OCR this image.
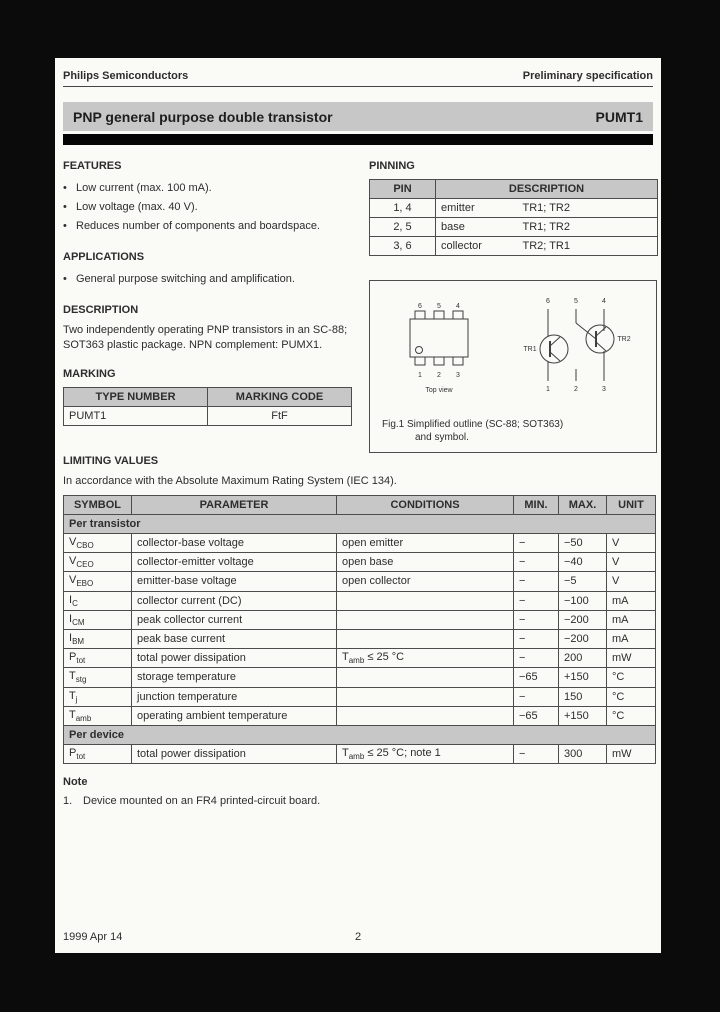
Philips Semiconductors	Preliminary specification
PNP general purpose double transistor	PUMT1
FEATURES
• Low current (max. 100 mA).
• Low voltage (max. 40 V).
• Reduces number of components and boardspace.
APPLICATIONS
• General purpose switching and amplification.
DESCRIPTION
Two independently operating PNP transistors in an SC-88; SOT363 plastic package. NPN complement: PUMX1.
MARKING
TYPE NUMBER	MARKING CODE
PUMT1	FtF
PINNING
PIN	DESCRIPTION	
1, 4	emitter	TR1; TR2
2, 5	base	TR1; TR2
3, 6	collector	TR2; TR1
6 5 4
1 2 3
Top view
6	5	4
1	2	3
TR1
TR2
Fig.1 Simplified outline (SC-88; SOT363)
and symbol.
LIMITING VALUES
In accordance with the Absolute Maximum Rating System (IEC 134).
SYMBOL	PARAMETER	CONDITIONS	MIN.	MAX.	UNIT
Per transistor					
$V_{CBO}$	collector-base voltage	open emitter	−	−50	V
$V_{CEO}$	collector-emitter voltage	open base	−	−40	V
$V_{EBO}$	emitter-base voltage	open collector	−	−5	V
$I_C$	collector current (DC)		−	−100	mA
$I_{CM}$	peak collector current		−	−200	mA
$I_{BM}$	peak base current		−	−200	mA
$P_{tot}$	total power dissipation	$T_{amb} \le 25$ °C	−	200	mW
$T_{stg}$	storage temperature		−65	+150	°C
$T_j$	junction temperature		−	150	°C
$T_{amb}$	operating ambient temperature		−65	+150	°C
Per device					
$P_{tot}$	total power dissipation	$T_{amb} \le 25$ °C; note 1	−	300	mW
Note
1. Device mounted on an FR4 printed-circuit board.
1999 Apr 14	2
